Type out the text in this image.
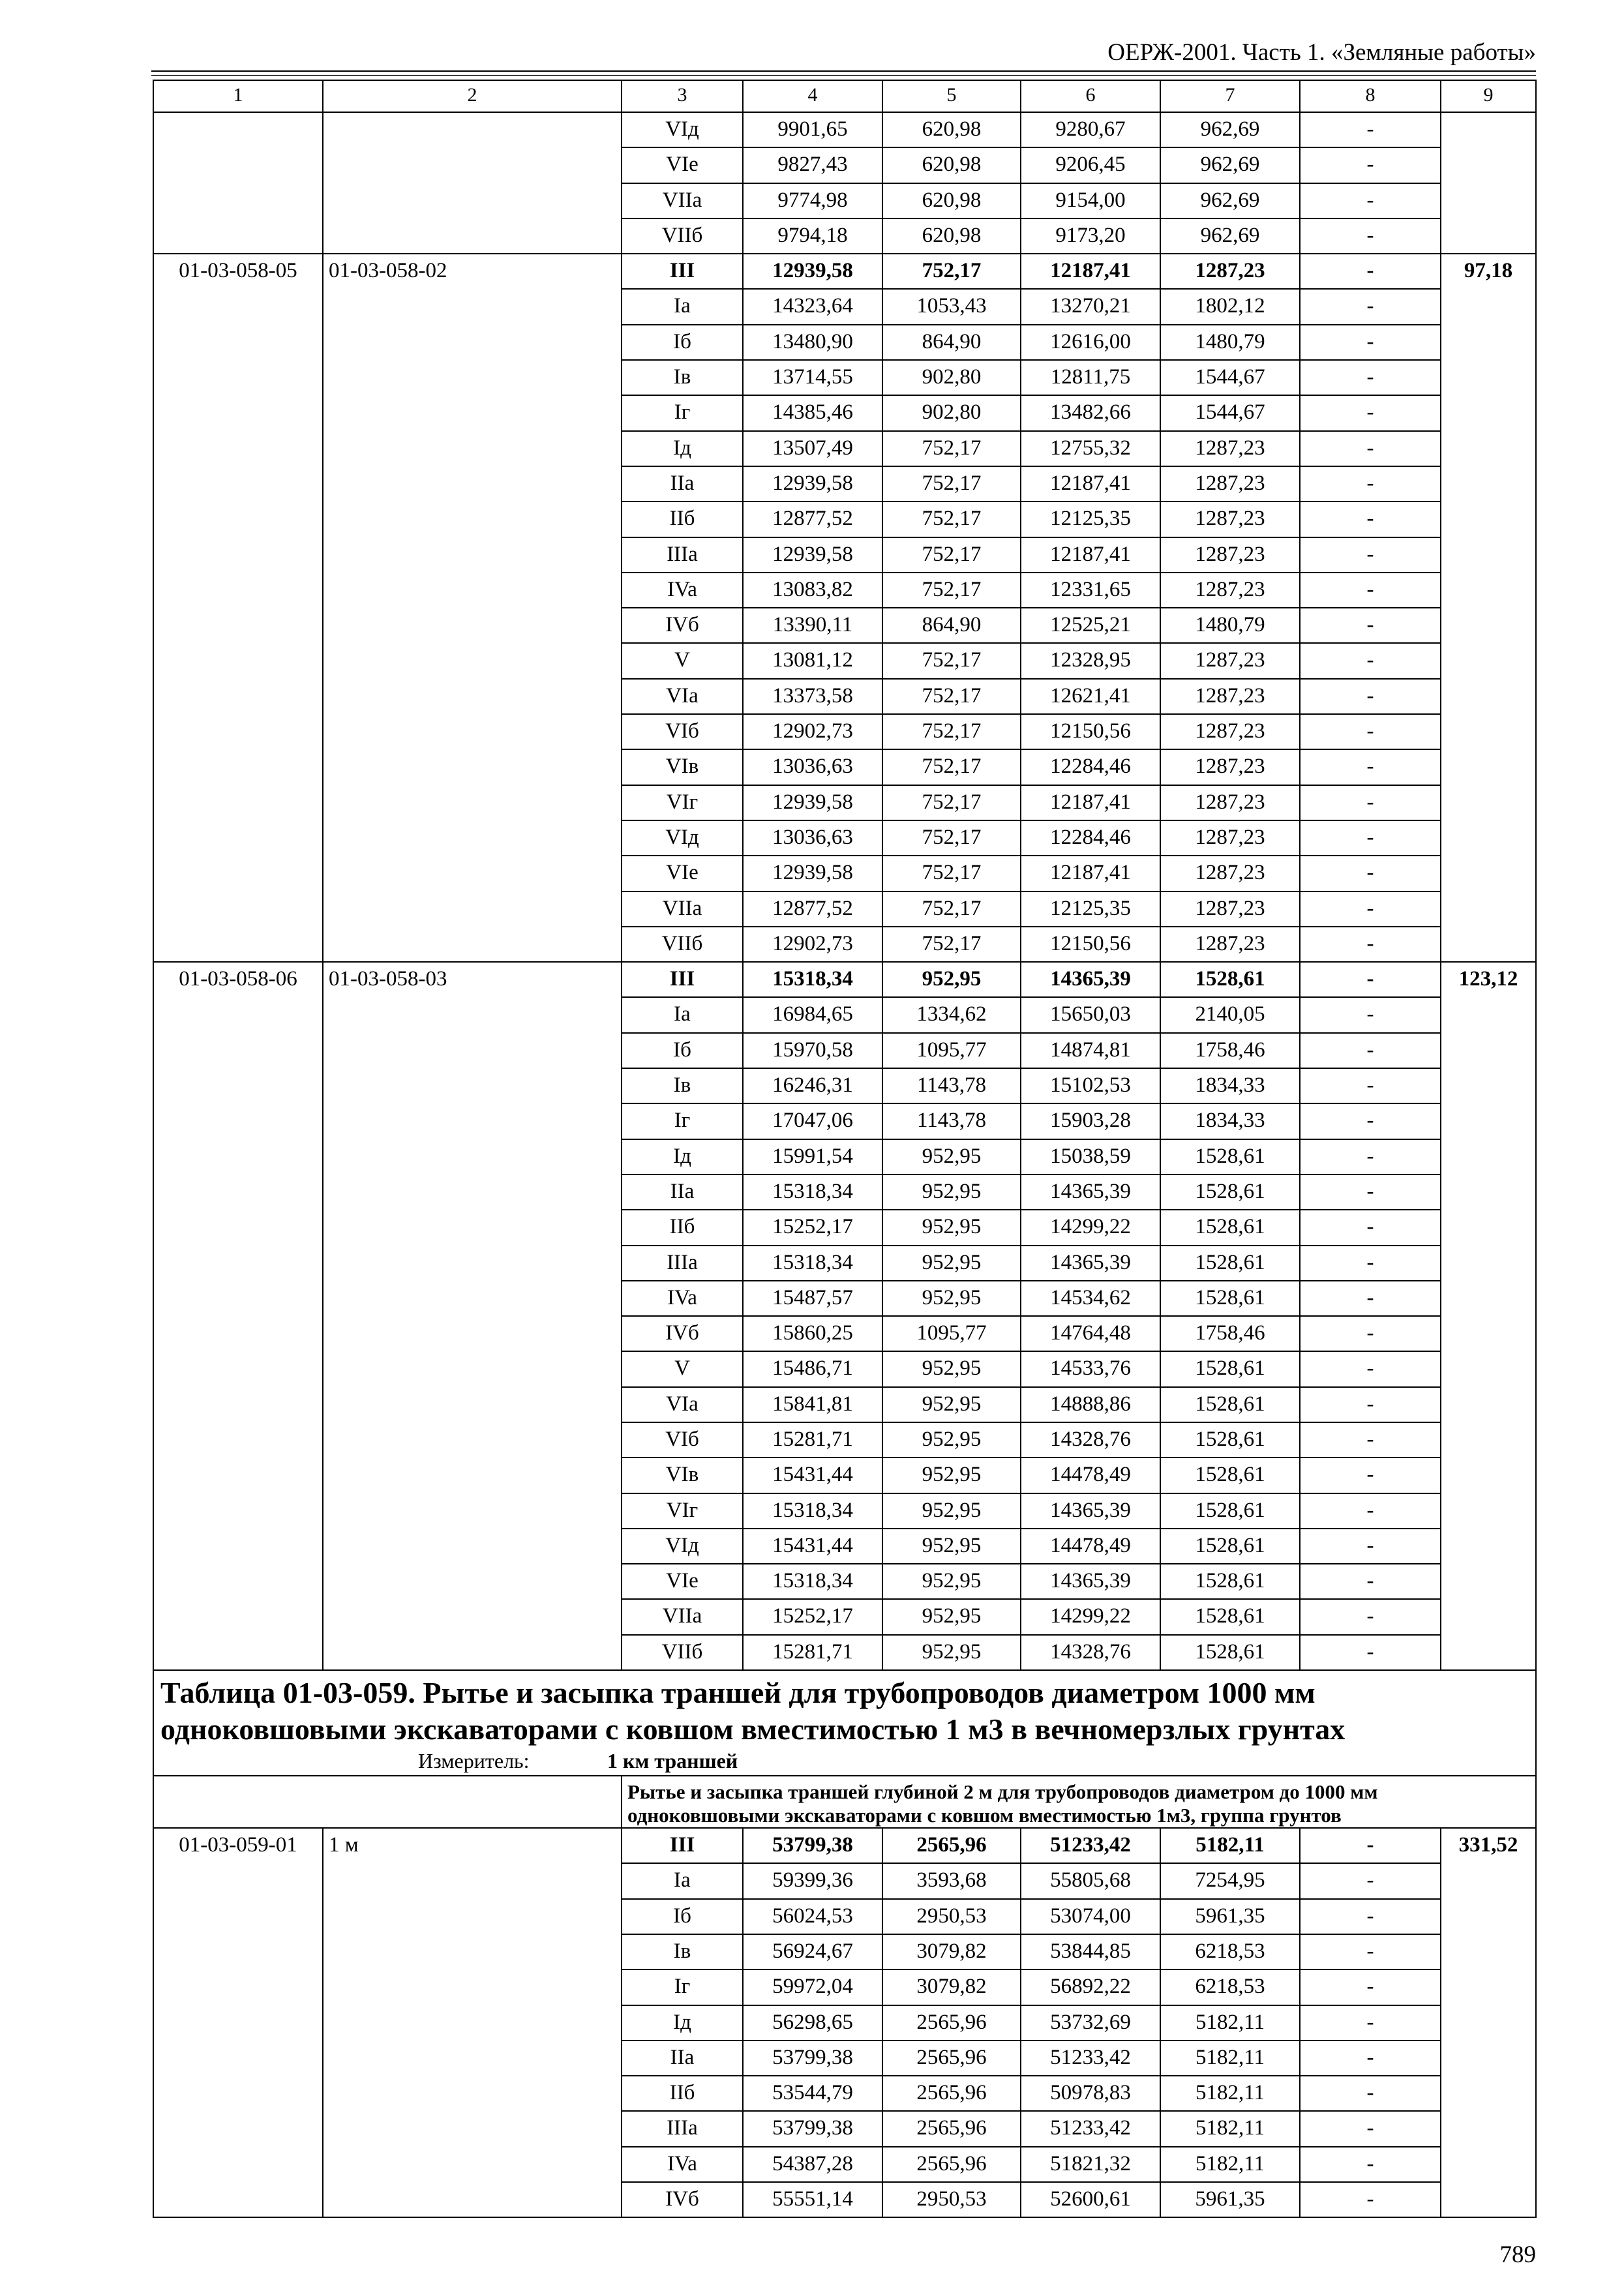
ОЕРЖ-2001. Часть 1. «Земляные работы»
1	2	3	4	5	6	7	8	9
		VIд	9901,65	620,98	9280,67	962,69	-	
		VIe	9827,43	620,98	9206,45	962,69	-	
		VIIa	9774,98	620,98	9154,00	962,69	-	
		VIIб	9794,18	620,98	9173,20	962,69	-	
01-03-058-05	01-03-058-02	III	12939,58	752,17	12187,41	1287,23	-	97,18
		Ia	14323,64	1053,43	13270,21	1802,12	-	
		Iб	13480,90	864,90	12616,00	1480,79	-	
		Iв	13714,55	902,80	12811,75	1544,67	-	
		Iг	14385,46	902,80	13482,66	1544,67	-	
		Iд	13507,49	752,17	12755,32	1287,23	-	
		IIa	12939,58	752,17	12187,41	1287,23	-	
		IIб	12877,52	752,17	12125,35	1287,23	-	
		IIIa	12939,58	752,17	12187,41	1287,23	-	
		IVa	13083,82	752,17	12331,65	1287,23	-	
		IVб	13390,11	864,90	12525,21	1480,79	-	
		V	13081,12	752,17	12328,95	1287,23	-	
		VIa	13373,58	752,17	12621,41	1287,23	-	
		VIб	12902,73	752,17	12150,56	1287,23	-	
		VIв	13036,63	752,17	12284,46	1287,23	-	
		VIг	12939,58	752,17	12187,41	1287,23	-	
		VIд	13036,63	752,17	12284,46	1287,23	-	
		VIe	12939,58	752,17	12187,41	1287,23	-	
		VIIa	12877,52	752,17	12125,35	1287,23	-	
		VIIб	12902,73	752,17	12150,56	1287,23	-	
01-03-058-06	01-03-058-03	III	15318,34	952,95	14365,39	1528,61	-	123,12
		Ia	16984,65	1334,62	15650,03	2140,05	-	
		Iб	15970,58	1095,77	14874,81	1758,46	-	
		Iв	16246,31	1143,78	15102,53	1834,33	-	
		Iг	17047,06	1143,78	15903,28	1834,33	-	
		Iд	15991,54	952,95	15038,59	1528,61	-	
		IIa	15318,34	952,95	14365,39	1528,61	-	
		IIб	15252,17	952,95	14299,22	1528,61	-	
		IIIa	15318,34	952,95	14365,39	1528,61	-	
		IVa	15487,57	952,95	14534,62	1528,61	-	
		IVб	15860,25	1095,77	14764,48	1758,46	-	
		V	15486,71	952,95	14533,76	1528,61	-	
		VIa	15841,81	952,95	14888,86	1528,61	-	
		VIб	15281,71	952,95	14328,76	1528,61	-	
		VIв	15431,44	952,95	14478,49	1528,61	-	
		VIг	15318,34	952,95	14365,39	1528,61	-	
		VIд	15431,44	952,95	14478,49	1528,61	-	
		VIe	15318,34	952,95	14365,39	1528,61	-	
		VIIa	15252,17	952,95	14299,22	1528,61	-	
		VIIб	15281,71	952,95	14328,76	1528,61	-	

Таблица 01-03-059. Рытье и засыпка траншей для трубопроводов диаметром 1000 мм одноковшовыми экскаваторами с ковшом вместимостью 1 м3 в вечномерзлых грунтах
Измеритель: 1 км траншей								

		Рытье и засыпка траншей глубиной 2 м для трубопроводов диаметром до 1000 мм одноковшовыми экскаваторами с ковшом вместимостью 1м3, группа грунтов						
01-03-059-01	1 м	III	53799,38	2565,96	51233,42	5182,11	-	331,52
		Ia	59399,36	3593,68	55805,68	7254,95	-	
		Iб	56024,53	2950,53	53074,00	5961,35	-	
		Iв	56924,67	3079,82	53844,85	6218,53	-	
		Iг	59972,04	3079,82	56892,22	6218,53	-	
		Iд	56298,65	2565,96	53732,69	5182,11	-	
		IIa	53799,38	2565,96	51233,42	5182,11	-	
		IIб	53544,79	2565,96	50978,83	5182,11	-	
		IIIa	53799,38	2565,96	51233,42	5182,11	-	
		IVa	54387,28	2565,96	51821,32	5182,11	-	
		IVб	55551,14	2950,53	52600,61	5961,35	-	
789
